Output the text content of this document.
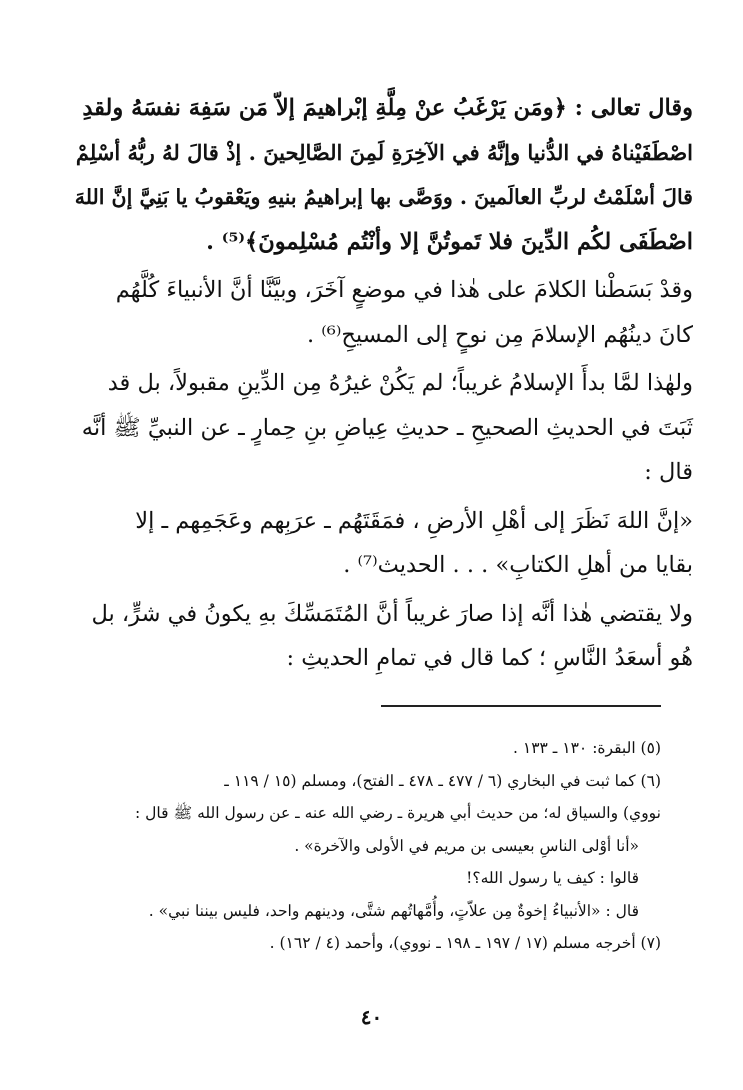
وقال تعالى : ﴿ومَن يَرْغَبُ عنْ مِلَّةِ إبْراهيمَ إلاّ مَن سَفِهَ نفسَهُ ولقدِ
اصْطَفَيْناهُ في الدُّنيا وإنَّهُ في الآخِرَةِ لَمِنَ الصَّالِحينَ . إذْ قالَ لهُ ربُّهُ أسْلِمْ
قالَ أسْلَمْتُ لربِّ العالَمينَ . ووَصَّى بها إبراهيمُ بنيهِ ويَعْقوبُ يا بَنِيَّ إنَّ اللهَ
اصْطَفَى لكُم الدِّينَ فلا تَموتُنَّ إلا وأنْتُم مُسْلِمونَ﴾⁽⁵⁾ .

وقدْ بَسَطْنا الكلامَ على هٰذا في موضعٍ آخَرَ، وبيَّنَّا أنَّ الأنبياءَ كُلَّهُم
كانَ دينُهُم الإسلامَ مِن نوحٍ إلى المسيحِ⁽⁶⁾ .

ولهٰذا لمَّا بدأَ الإسلامُ غريباً؛ لم يَكُنْ غيرُهُ مِن الدِّينِ مقبولاً، بل قد
ثَبَتَ في الحديثِ الصحيحِ ـ حديثِ عِياضِ بنِ حِمارٍ ـ عن النبيِّ ﷺ أنَّه
قال :

«إنَّ اللهَ نَظَرَ إلى أهْلِ الأرضِ ، فمَقَتَهُم ـ عرَبِهم وعَجَمِهم ـ إلا
بقايا من أهلِ الكتابِ» . . . الحديث⁽⁷⁾ .

ولا يقتضي هٰذا أنَّه إذا صارَ غريباً أنَّ المُتَمَسِّكَ بهِ يكونُ في شرٍّ، بل
هُو أسعَدُ النَّاسِ ؛ كما قال في تمامِ الحديثِ :

(٥) البقرة: ١٣٠ ـ ١٣٣ .
(٦) كما ثبت في البخاري (٦ / ٤٧٧ ـ ٤٧٨ ـ الفتح)، ومسلم (١٥ / ١١٩ ـ
نووي) والسياق له؛ من حديث أبي هريرة ـ رضي الله عنه ـ عن رسول الله ﷺ قال :
«أنا أوْلى الناسِ بعيسى بن مريم في الأولى والآخرة» .
قالوا : كيف يا رسول الله؟!
قال : «الأنبياءُ إخوةٌ مِن علاّتٍ، وأُمَّهاتُهم شتَّى، ودينهم واحد، فليس بيننا نبي» .
(٧) أخرجه مسلم (١٧ / ١٩٧ ـ ١٩٨ ـ نووي)، وأحمد (٤ / ١٦٢) .
٤٠
